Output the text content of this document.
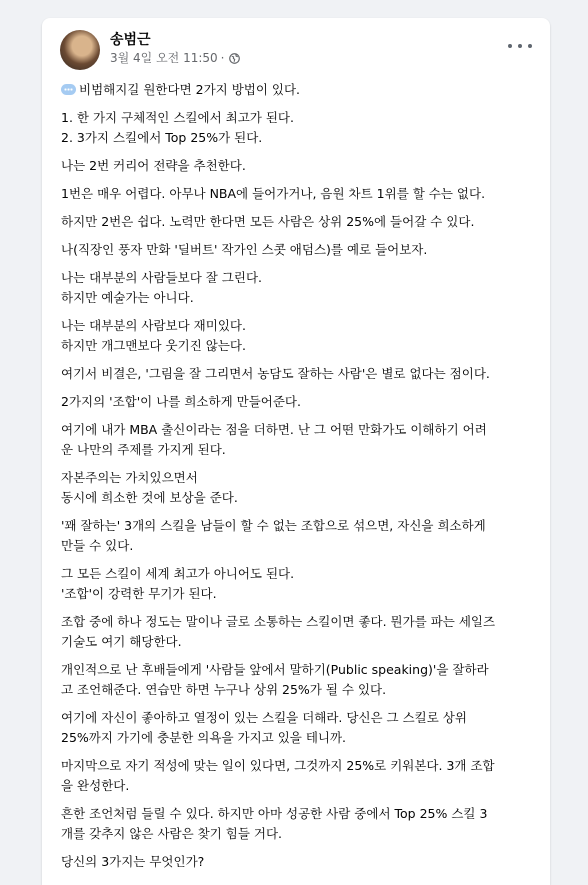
송범근
3월 4일 오전 11:50 ·
비범해지길 원한다면 2가지 방법이 있다.
1. 한 가지 구체적인 스킬에서 최고가 된다.
2. 3가지 스킬에서 Top 25%가 된다.
나는 2번 커리어 전략을 추천한다.
1번은 매우 어렵다. 아무나 NBA에 들어가거나, 음원 차트 1위를 할 수는 없다.
하지만 2번은 쉽다. 노력만 한다면 모든 사람은 상위 25%에 들어갈 수 있다.
나(직장인 풍자 만화 '딜버트' 작가인 스콧 애덤스)를 예로 들어보자.
나는 대부분의 사람들보다 잘 그린다.
하지만 예술가는 아니다.
나는 대부분의 사람보다 재미있다.
하지만 개그맨보다 웃기진 않는다.
여기서 비결은, '그림을 잘 그리면서 농담도 잘하는 사람'은 별로 없다는 점이다.
2가지의 '조합'이 나를 희소하게 만들어준다.
여기에 내가 MBA 출신이라는 점을 더하면. 난 그 어떤 만화가도 이해하기 어려
운 나만의 주제를 가지게 된다.
자본주의는 가치있으면서
동시에 희소한 것에 보상을 준다.
'꽤 잘하는' 3개의 스킬을 남들이 할 수 없는 조합으로 섞으면, 자신을 희소하게
만들 수 있다.
그 모든 스킬이 세계 최고가 아니어도 된다.
'조합'이 강력한 무기가 된다.
조합 중에 하나 정도는 말이나 글로 소통하는 스킬이면 좋다. 뭔가를 파는 세일즈
기술도 여기 해당한다.
개인적으로 난 후배들에게 '사람들 앞에서 말하기(Public speaking)'을 잘하라
고 조언해준다. 연습만 하면 누구나 상위 25%가 될 수 있다.
여기에 자신이 좋아하고 열정이 있는 스킬을 더해라. 당신은 그 스킬로 상위
25%까지 가기에 충분한 의욕을 가지고 있을 테니까.
마지막으로 자기 적성에 맞는 일이 있다면, 그것까지 25%로 키워본다. 3개 조합
을 완성한다.
흔한 조언처럼 들릴 수 있다. 하지만 아마 성공한 사람 중에서 Top 25% 스킬 3
개를 갖추지 않은 사람은 찾기 힘들 거다.
당신의 3가지는 무엇인가?
